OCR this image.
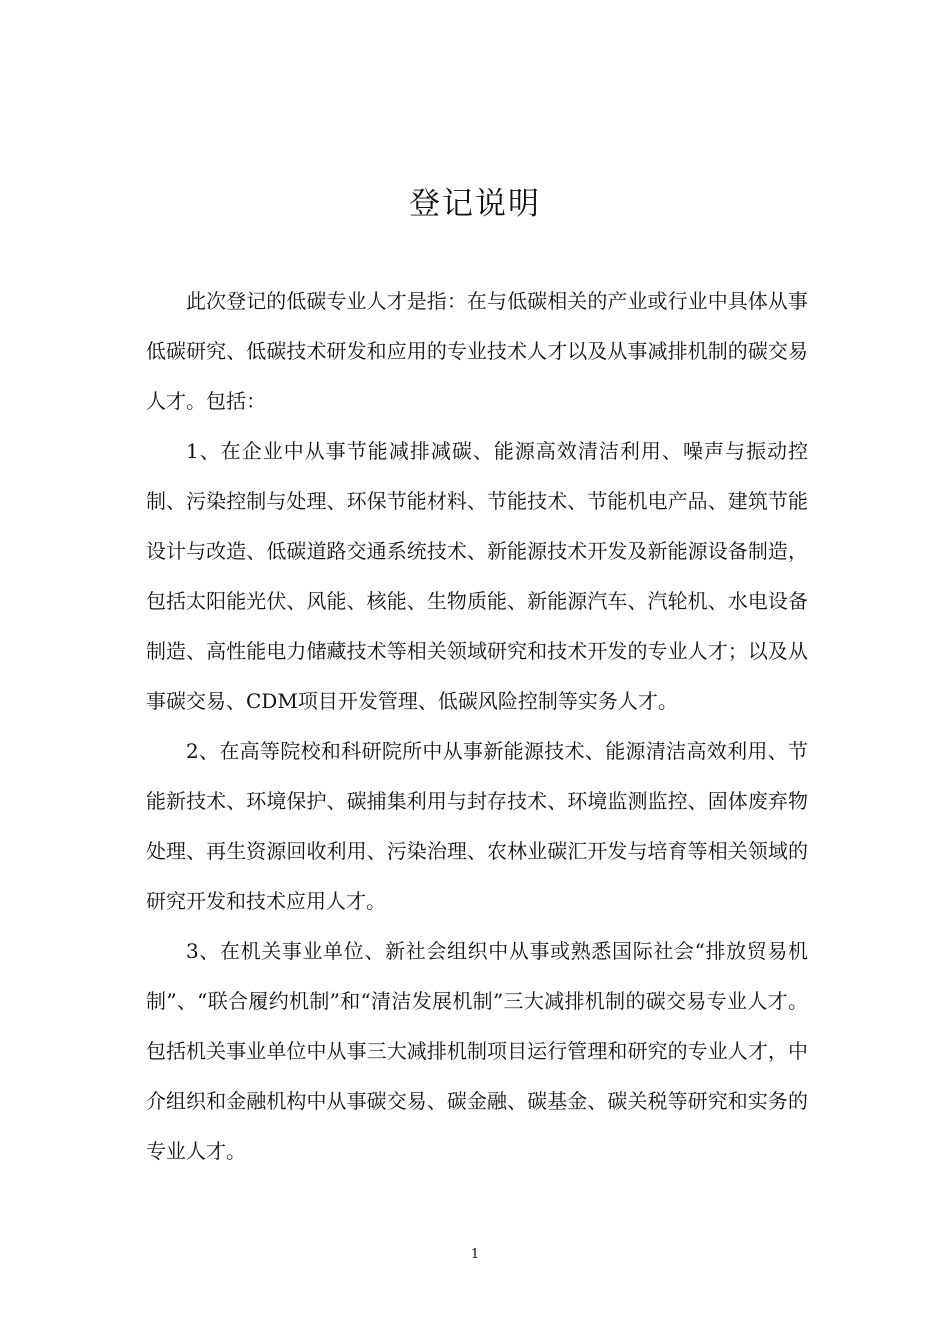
登记说明

此次登记的低碳专业人才是指：在与低碳相关的产业或行业中具体从事低碳研究、低碳技术研发和应用的专业技术人才以及从事减排机制的碳交易人才。包括：

1、在企业中从事节能减排减碳、能源高效清洁利用、噪声与振动控制、污染控制与处理、环保节能材料、节能技术、节能机电产品、建筑节能设计与改造、低碳道路交通系统技术、新能源技术开发及新能源设备制造，包括太阳能光伏、风能、核能、生物质能、新能源汽车、汽轮机、水电设备制造、高性能电力储藏技术等相关领域研究和技术开发的专业人才；以及从事碳交易、CDM项目开发管理、低碳风险控制等实务人才。

2、在高等院校和科研院所中从事新能源技术、能源清洁高效利用、节能新技术、环境保护、碳捕集利用与封存技术、环境监测监控、固体废弃物处理、再生资源回收利用、污染治理、农林业碳汇开发与培育等相关领域的研究开发和技术应用人才。

3、在机关事业单位、新社会组织中从事或熟悉国际社会“排放贸易机制”、“联合履约机制”和“清洁发展机制”三大减排机制的碳交易专业人才。包括机关事业单位中从事三大减排机制项目运行管理和研究的专业人才，中介组织和金融机构中从事碳交易、碳金融、碳基金、碳关税等研究和实务的专业人才。

1
